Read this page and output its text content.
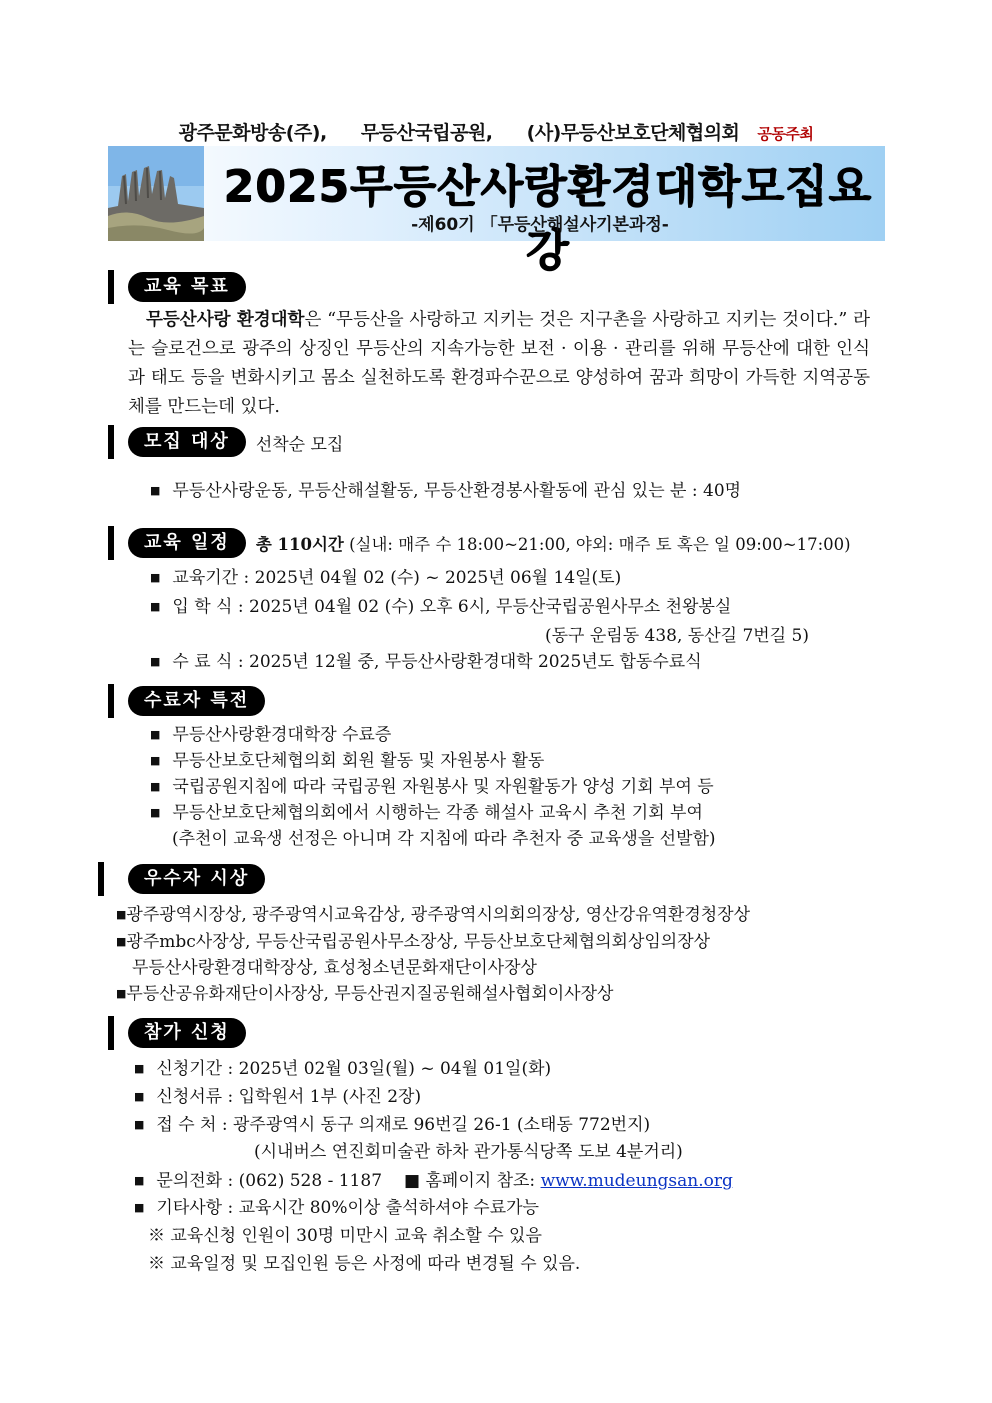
광주문화방송(주), 무등산국립공원, (사)무등산보호단체협의회 공동주최
2025무등산사랑환경대학모집요강
-제60기 「무등산해설사기본과정-
교육 목표
무등산사랑 환경대학은 “무등산을 사랑하고 지키는 것은 지구촌을 사랑하고 지키는 것이다.” 라는 슬로건으로 광주의 상징인 무등산의 지속가능한 보전 · 이용 · 관리를 위해 무등산에 대한 인식과 태도 등을 변화시키고 몸소 실천하도록 환경파수꾼으로 양성하여 꿈과 희망이 가득한 지역공동체를 만드는데 있다.
모집 대상	선착순 모집
■ 무등산사랑운동, 무등산해설활동, 무등산환경봉사활동에 관심 있는 분 : 40명
교육 일정	총 110시간 (실내: 매주 수 18:00~21:00, 야외: 매주 토 혹은 일 09:00~17:00)
■ 교육기간 : 2025년 04월 02 (수) ~ 2025년 06월 14일(토)
■ 입 학 식 : 2025년 04월 02 (수) 오후 6시, 무등산국립공원사무소 천왕봉실
(동구 운림동 438, 동산길 7번길 5)
■ 수 료 식 : 2025년 12월 중, 무등산사랑환경대학 2025년도 합동수료식
수료자 특전
■ 무등산사랑환경대학장 수료증
■ 무등산보호단체협의회 회원 활동 및 자원봉사 활동
■ 국립공원지침에 따라 국립공원 자원봉사 및 자원활동가 양성 기회 부여 등
■ 무등산보호단체협의회에서 시행하는 각종 해설사 교육시 추천 기회 부여
(추천이 교육생 선정은 아니며 각 지침에 따라 추천자 중 교육생을 선발함)
우수자 시상
■광주광역시장상, 광주광역시교육감상, 광주광역시의회의장상, 영산강유역환경청장상
■광주mbc사장상, 무등산국립공원사무소장상, 무등산보호단체협의회상임의장상
무등산사랑환경대학장상, 효성청소년문화재단이사장상
■무등산공유화재단이사장상, 무등산권지질공원해설사협회이사장상
참가 신청
■ 신청기간 : 2025년 02월 03일(월) ~ 04월 01일(화)
■ 신청서류 : 입학원서 1부 (사진 2장)
■ 접 수 처 : 광주광역시 동구 의재로 96번길 26-1 (소태동 772번지)
(시내버스 연진회미술관 하차 관가통식당쪽 도보 4분거리)
■ 문의전화 : (062) 528 - 1187 ■ 홈페이지 참조: www.mudeungsan.org
■ 기타사항 : 교육시간 80%이상 출석하셔야 수료가능
※ 교육신청 인원이 30명 미만시 교육 취소할 수 있음
※ 교육일정 및 모집인원 등은 사정에 따라 변경될 수 있음.
